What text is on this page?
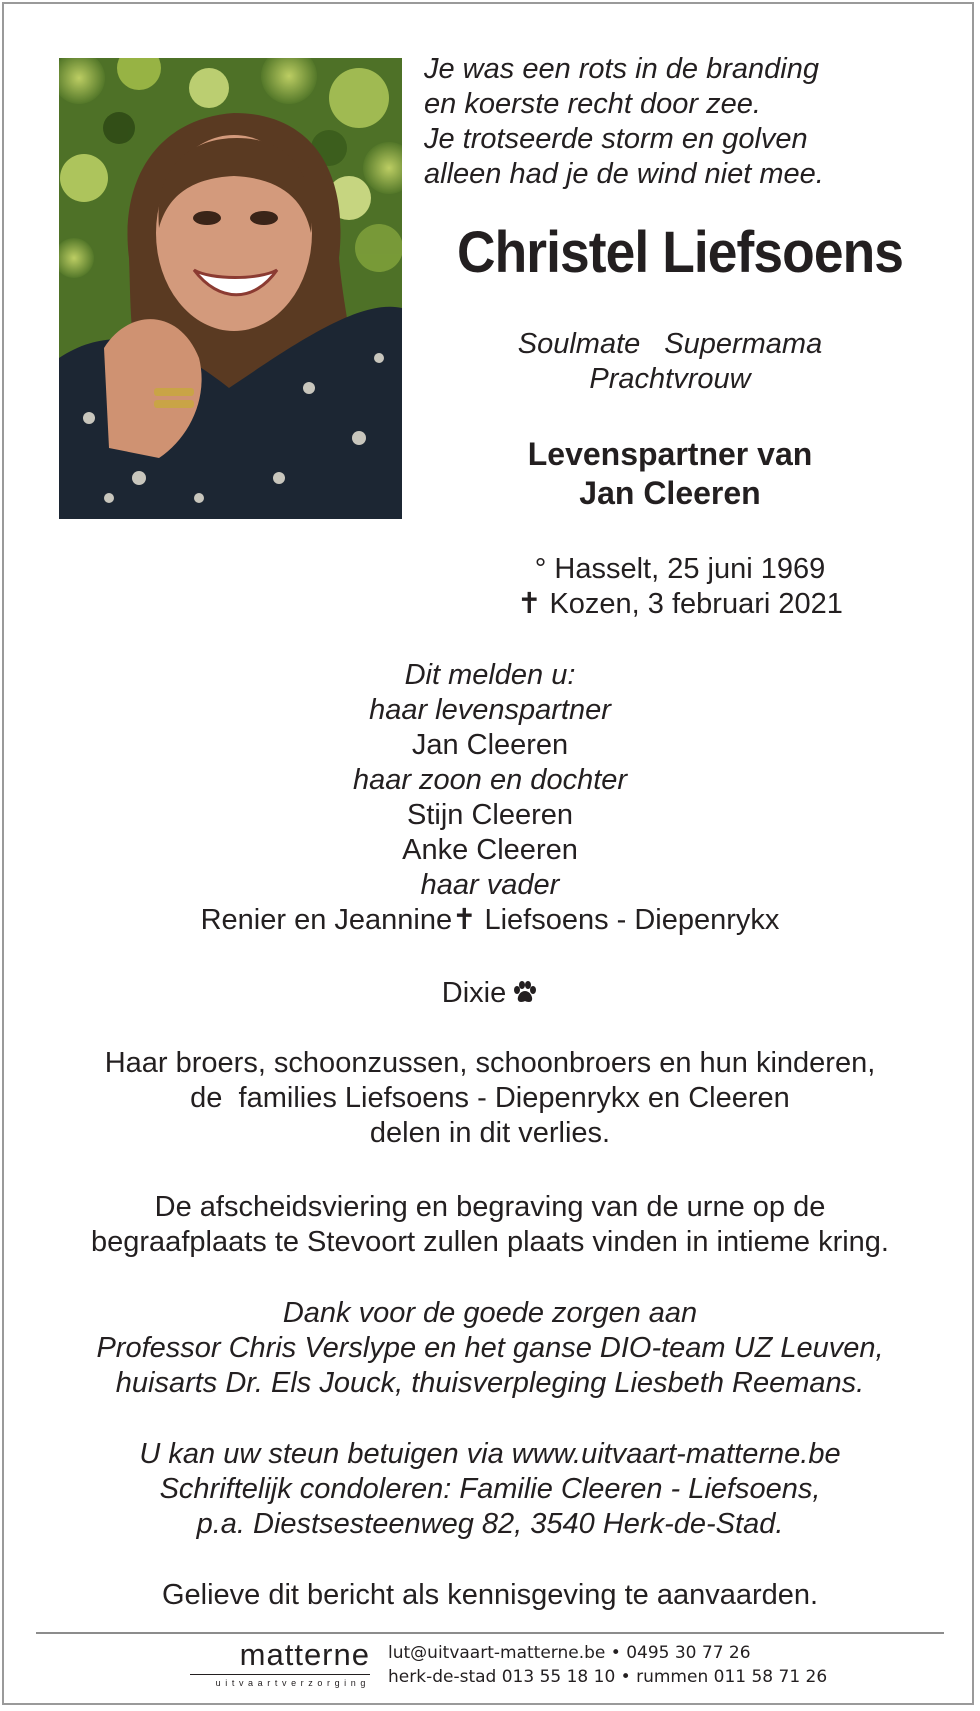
Je was een rots in de branding
en koerste recht door zee.
Je trotseerde storm en golven
alleen had je de wind niet mee.
Christel Liefsoens
Soulmate Supermama
Prachtvrouw
Levenspartner van
Jan Cleeren
° Hasselt, 25 juni 1969
✝ Kozen, 3 februari 2021
Dit melden u:
haar levenspartner
Jan Cleeren
haar zoon en dochter
Stijn Cleeren
Anke Cleeren
haar vader
Renier en Jeannine✝ Liefsoens - Diepenrykx
Dixie
Haar broers, schoonzussen, schoonbroers en hun kinderen,
de  families Liefsoens - Diepenrykx en Cleeren
delen in dit verlies.
De afscheidsviering en begraving van de urne op de
begraafplaats te Stevoort zullen plaats vinden in intieme kring.
Dank voor de goede zorgen aan
Professor Chris Verslype en het ganse DIO-team UZ Leuven,
huisarts Dr. Els Jouck, thuisverpleging Liesbeth Reemans.
U kan uw steun betuigen via www.uitvaart-matterne.be
Schriftelijk condoleren: Familie Cleeren - Liefsoens,
p.a. Diestsesteenweg 82, 3540 Herk-de-Stad.
Gelieve dit bericht als kennisgeving te aanvaarden.
matterne
uitvaartverzorging
lut@uitvaart-matterne.be • 0495 30 77 26
herk-de-stad 013 55 18 10 • rummen 011 58 71 26
